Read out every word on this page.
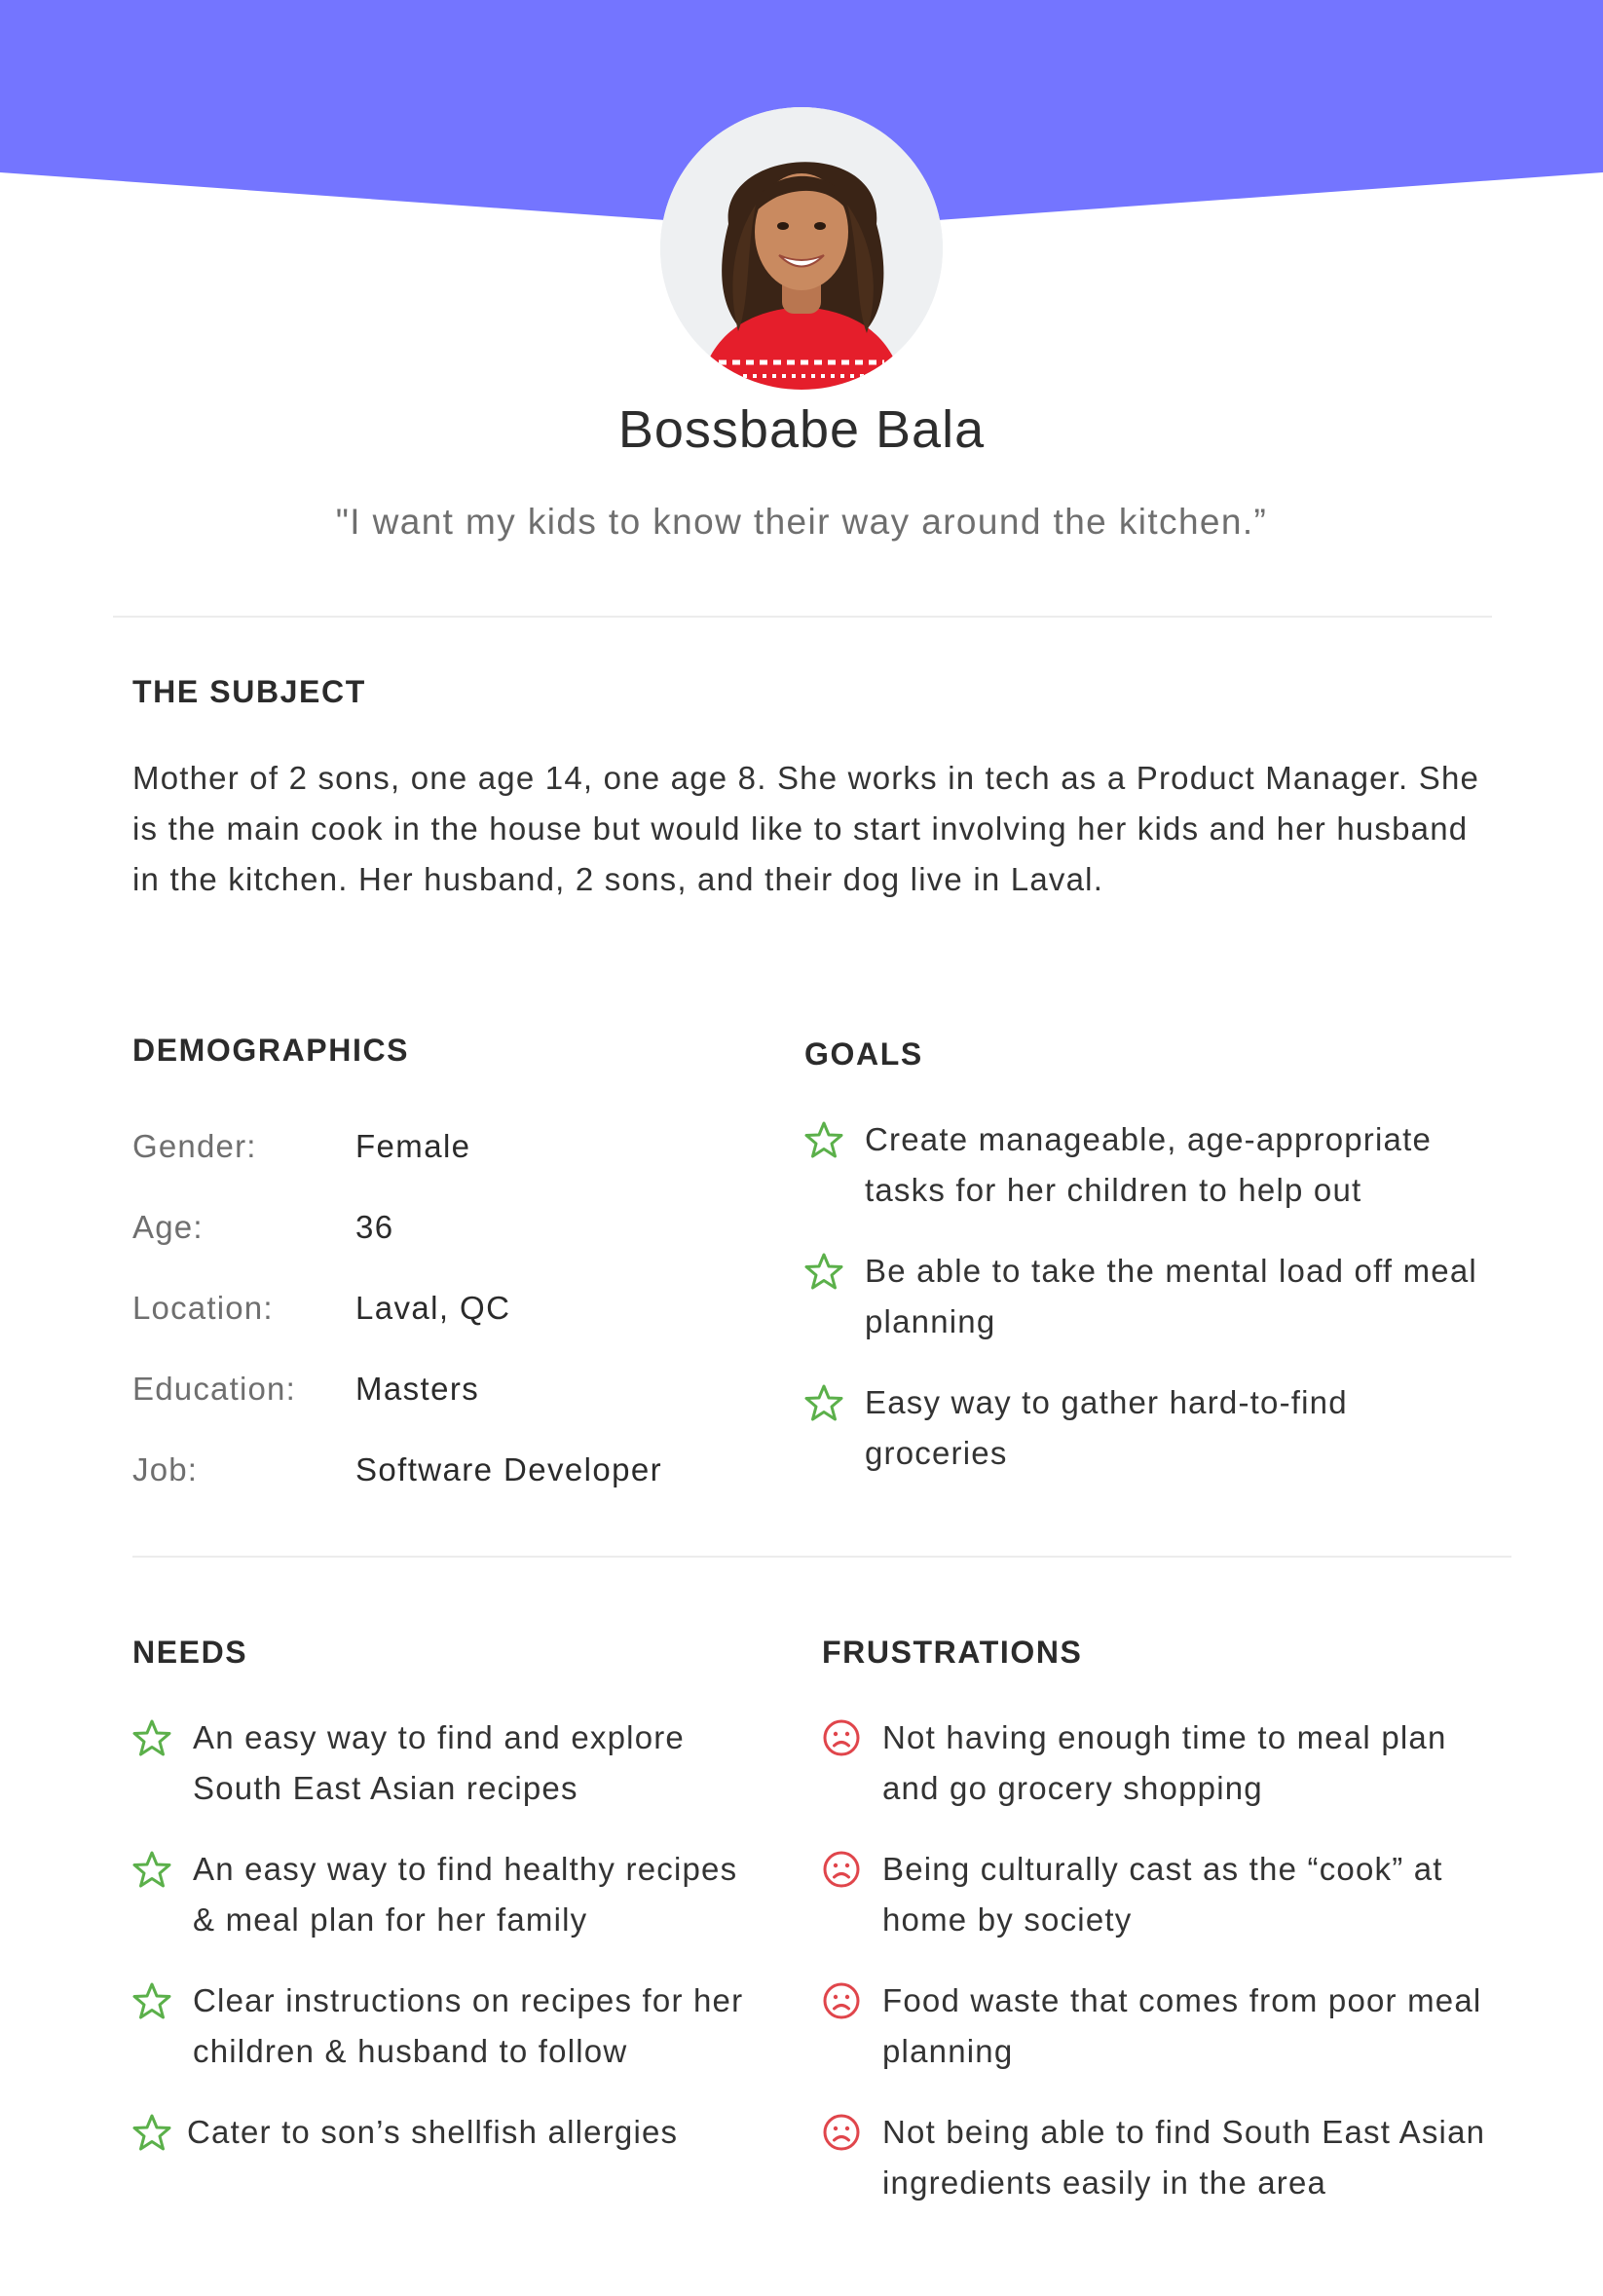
Bossbabe Bala
"I want my kids to know their way around the kitchen.”
THE SUBJECT
Mother of 2 sons, one age 14, one age 8. She works in tech as a Product Manager. She is the main cook in the house but would like to start involving her kids and her husband in the kitchen. Her husband, 2 sons, and their dog live in Laval.
DEMOGRAPHICS
Gender:	Female
Age:	36
Location:	Laval, QC
Education:	Masters
Job:	Software Developer
GOALS
Create manageable, age-appropriate tasks for her children to help out
Be able to take the mental load off meal planning
Easy way to gather hard-to-find groceries
NEEDS
An easy way to find and explore South East Asian recipes
An easy way to find healthy recipes & meal plan for her family
Clear instructions on recipes for her children & husband to follow
Cater to son’s shellfish allergies
FRUSTRATIONS
Not having enough time to meal plan and go grocery shopping
Being culturally cast as the “cook” at home by society
Food waste that comes from poor meal planning
Not being able to find South East Asian ingredients easily in the area
